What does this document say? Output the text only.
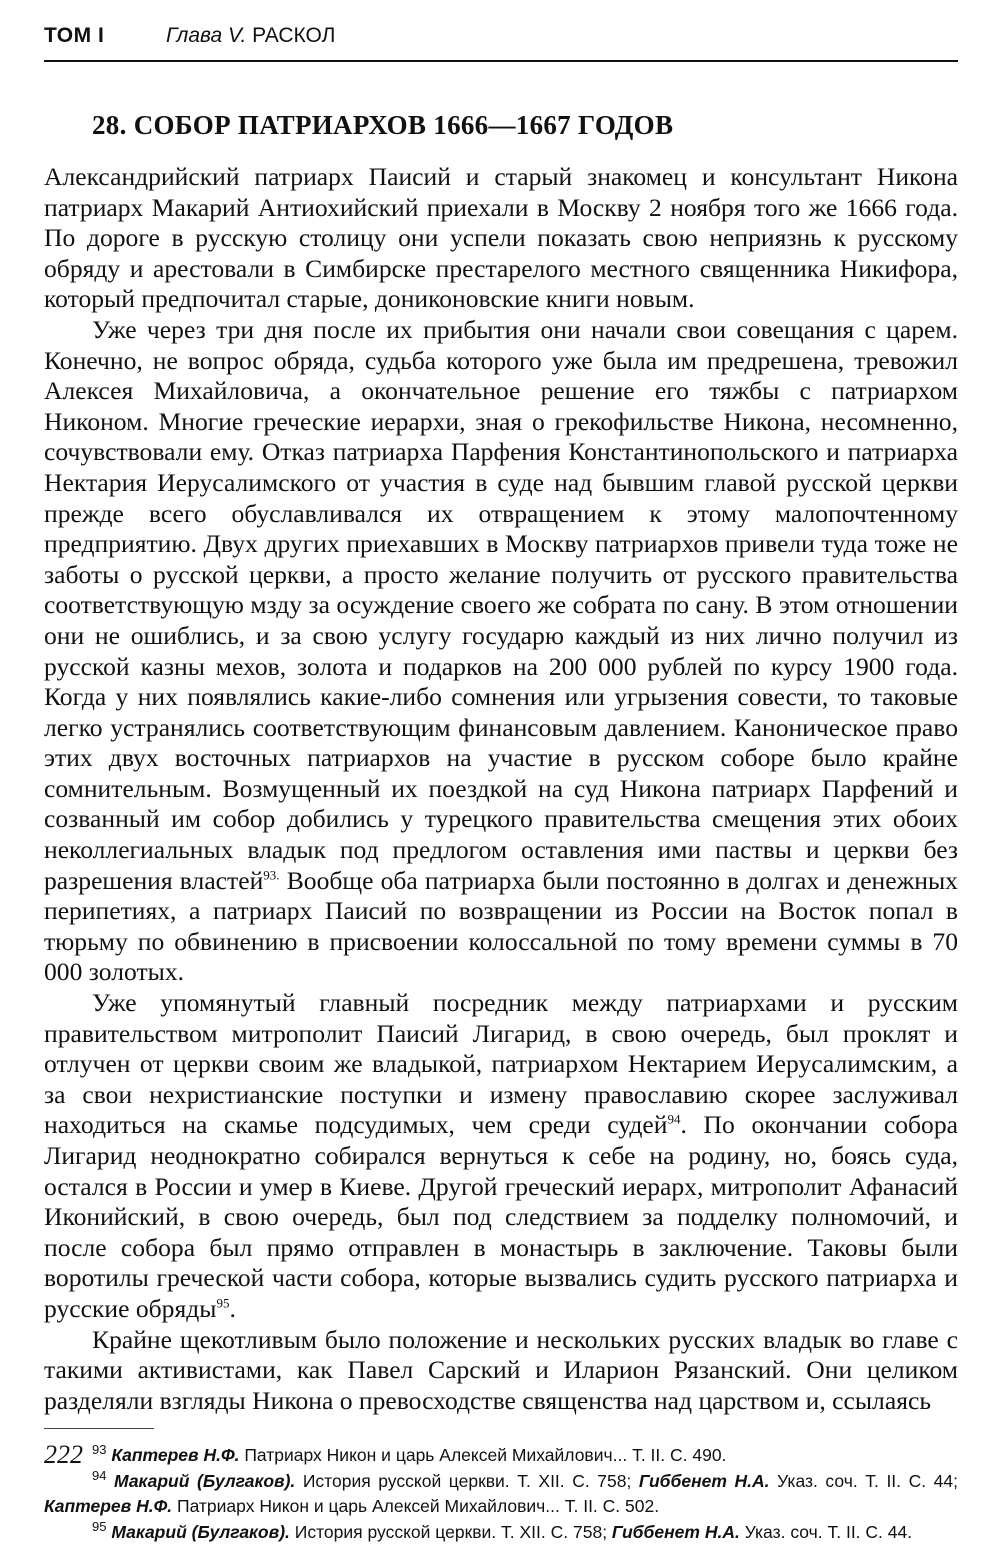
ТОМ I	Глава V. РАСКОЛ
28. СОБОР ПАТРИАРХОВ 1666—1667 ГОДОВ

Александрийский патриарх Паисий и старый знакомец и консультант Никона патриарх Макарий Антиохийский приехали в Москву 2 ноября того же 1666 года. По дороге в русскую столицу они успели показать свою неприязнь к русскому обряду и арестовали в Симбирске престарелого местного священника Никифора, который предпочитал старые, дониконовские книги новым.

Уже через три дня после их прибытия они начали свои совещания с царем. Конечно, не вопрос обряда, судьба которого уже была им предрешена, тревожил Алексея Михайловича, а окончательное решение его тяжбы с патриархом Никоном. Многие греческие иерархи, зная о грекофильстве Никона, несомненно, сочувствовали ему. Отказ патриарха Парфения Константинопольского и патриарха Нектария Иерусалимского от участия в суде над бывшим главой русской церкви прежде всего обуславливался их отвращением к этому малопочтенному предприятию. Двух других приехавших в Москву патриархов привели туда тоже не заботы о русской церкви, а просто желание получить от русского правительства соответствующую мзду за осуждение своего же собрата по сану. В этом отношении они не ошиблись, и за свою услугу государю каждый из них лично получил из русской казны мехов, золота и подарков на 200 000 рублей по курсу 1900 года. Когда у них появлялись какие-либо сомнения или угрызения совести, то таковые легко устранялись соответствующим финансовым давлением. Каноническое право этих двух восточных патриархов на участие в русском соборе было крайне сомнительным. Возмущенный их поездкой на суд Никона патриарх Парфений и созванный им собор добились у турецкого правительства смещения этих обоих неколлегиальных владык под предлогом оставления ими паствы и церкви без разрешения властей$^{93.}$ Вообще оба патриарха были постоянно в долгах и денежных перипетиях, а патриарх Паисий по возвращении из России на Восток попал в тюрьму по обвинению в присвоении колоссальной по тому времени суммы в 70 000 золотых.

Уже упомянутый главный посредник между патриархами и русским правительством митрополит Паисий Лигарид, в свою очередь, был проклят и отлучен от церкви своим же владыкой, патриархом Нектарием Иерусалимским, а за свои нехристианские поступки и измену православию скорее заслуживал находиться на скамье подсудимых, чем среди судей$^{94}$. По окончании собора Лигарид неоднократно собирался вернуться к себе на родину, но, боясь суда, остался в России и умер в Киеве. Другой греческий иерарх, митрополит Афанасий Иконийский, в свою очередь, был под следствием за подделку полномочий, и после собора был прямо отправлен в монастырь в заключение. Таковы были воротилы греческой части собора, которые вызвались судить русского патриарха и русские обряды$^{95}$.

Крайне щекотливым было положение и нескольких русских владык во главе с такими активистами, как Павел Сарский и Иларион Рязанский. Они целиком разделяли взгляды Никона о превосходстве священства над царством и, ссылаясь

$^{93}$ Каптерев Н.Ф. Патриарх Никон и царь Алексей Михайлович... Т. II. С. 490.

$^{94}$ Макарий (Булгаков). История русской церкви. Т. XII. С. 758; Гиббенет Н.А. Указ. соч. Т. II. С. 44; Каптерев Н.Ф. Патриарх Никон и царь Алексей Михайлович... Т. II. С. 502.

$^{95}$ Макарий (Булгаков). История русской церкви. Т. XII. С. 758; Гиббенет Н.А. Указ. соч. Т. II. С. 44.

222
